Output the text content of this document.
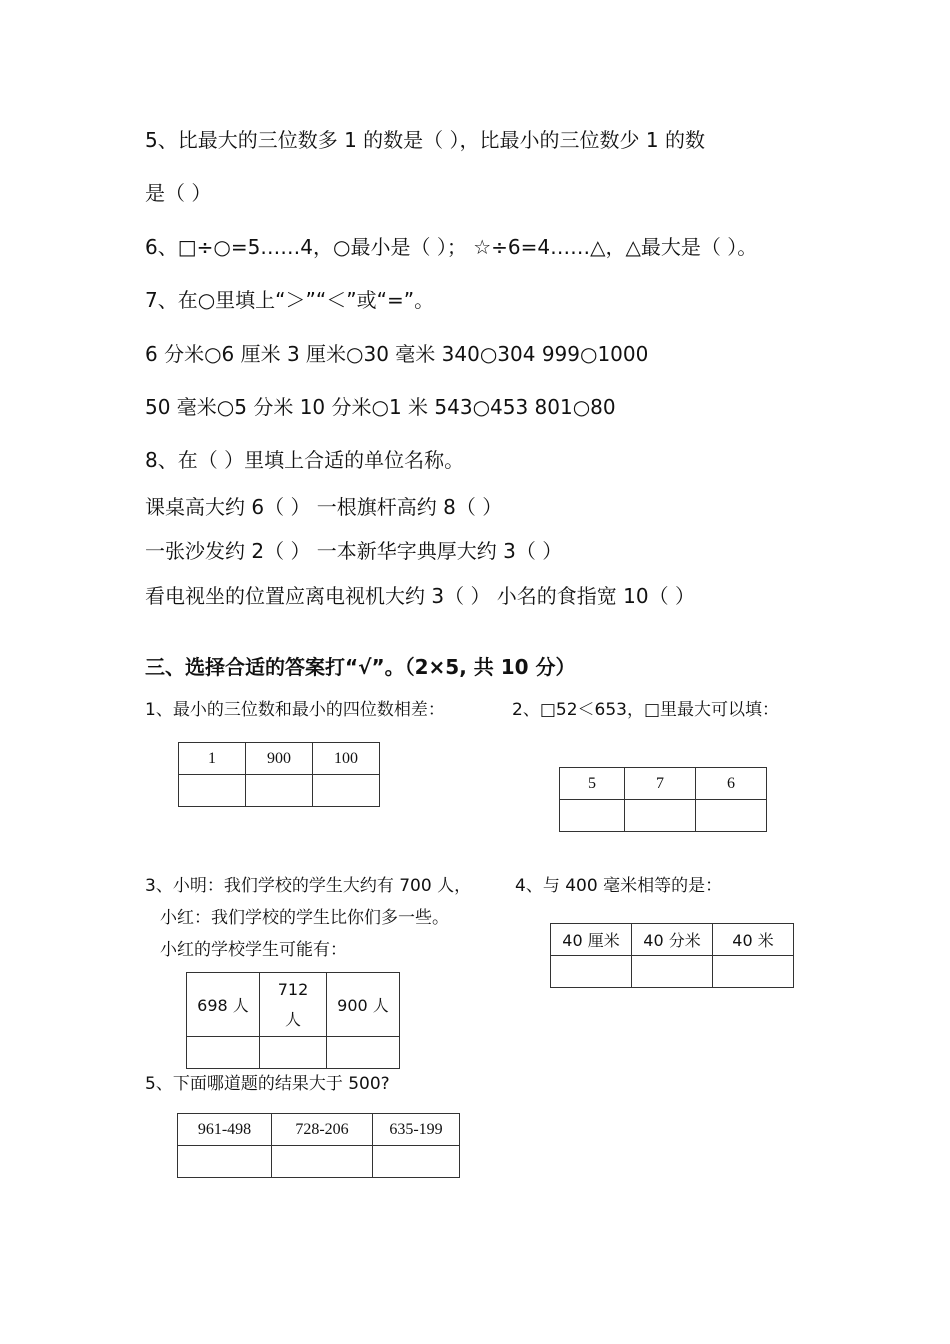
5、比最大的三位数多 1 的数是（ ），比最小的三位数少 1 的数
是（ ）
6、□÷○=5……4，○最小是（ ）； ☆÷6=4……△，△最大是（ ）。
7、在○里填上“＞”“＜”或“=”。
6 分米○6 厘米 3 厘米○30 毫米 340○304 999○1000
50 毫米○5 分米 10 分米○1 米 543○453 801○80
8、在（ ）里填上合适的单位名称。
课桌高大约 6（ ） 一根旗杆高约 8（ ）
一张沙发约 2（ ） 一本新华字典厚大约 3（ ）
看电视坐的位置应离电视机大约 3（ ） 小名的食指宽 10（ ）
三、选择合适的答案打“√”。（2×5, 共 10 分）
1、最小的三位数和最小的四位数相差：
1	900	100

2、□52＜653，□里最大可以填：
5	7	6

3、小明：我们学校的学生大约有 700 人，
小红：我们学校的学生比你们多一些。
小红的学校学生可能有：
698 人	712 人	900 人

4、与 400 毫米相等的是：
40 厘米	40 分米	40 米

5、下面哪道题的结果大于 500?
961-498	728-206	635-199
